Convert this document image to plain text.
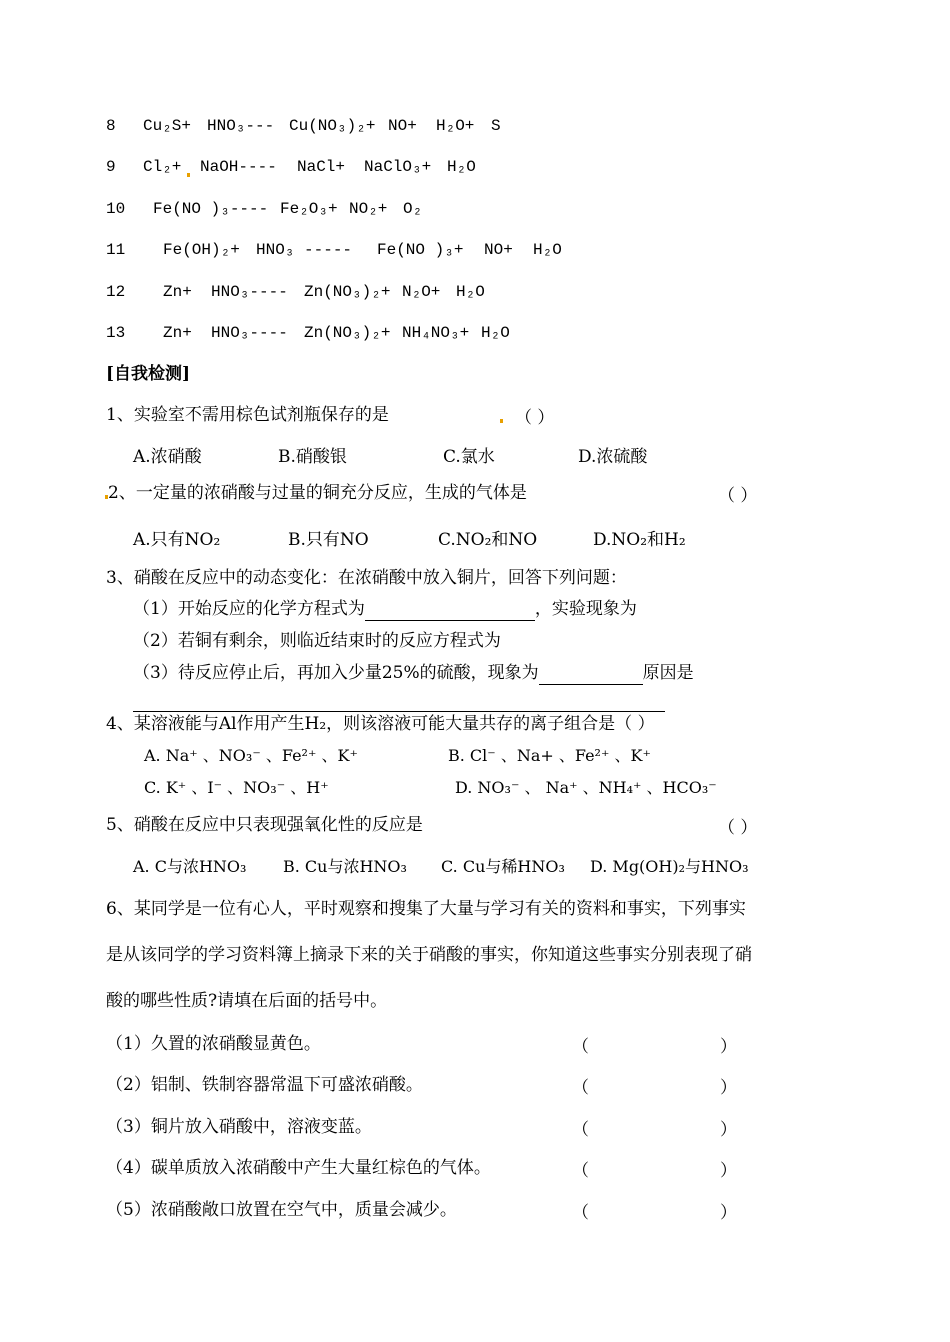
8 Cu₂S+ HNO₃--- Cu(NO₃)₂+ NO+ H₂O+ S
9 Cl₂+ NaOH---- NaCl+ NaClO₃+ H₂O
10 Fe(NO )₃---- Fe₂O₃+ NO₂+ O₂
11 Fe(OH)₂+ HNO₃ ----- Fe(NO )₃+ NO+ H₂O
12 Zn+ HNO₃---- Zn(NO₃)₂+ N₂O+ H₂O
13 Zn+ HNO₃---- Zn(NO₃)₂+ NH₄NO₃+ H₂O
[自我检测]
1、实验室不需用棕色试剂瓶保存的是	（ ）
A.浓硝酸	B.硝酸银	C.氯水	D.浓硫酸
2、一定量的浓硝酸与过量的铜充分反应，生成的气体是	（ ）
A.只有NO₂	B.只有NO	C.NO₂和NO	D.NO₂和H₂
3、硝酸在反应中的动态变化：在浓硝酸中放入铜片，回答下列问题：
（1）开始反应的化学方程式为	，实验现象为
（2）若铜有剩余，则临近结束时的反应方程式为
（3）待反应停止后，再加入少量25%的硫酸，现象为	原因是
4、某溶液能与Al作用产生H₂，则该溶液可能大量共存的离子组合是（ ）
A. Na⁺ 、NO₃⁻ 、Fe²⁺ 、K⁺	B. Cl⁻ 、Na+ 、Fe²⁺ 、K⁺
C. K⁺ 、I⁻ 、NO₃⁻ 、H⁺	D. NO₃⁻ 、 Na⁺ 、NH₄⁺ 、HCO₃⁻
5、硝酸在反应中只表现强氧化性的反应是	（ ）
A. C与浓HNO₃ B. Cu与浓HNO₃ C. Cu与稀HNO₃ D. Mg(OH)₂与HNO₃
6、某同学是一位有心人，平时观察和搜集了大量与学习有关的资料和事实，下列事实
是从该同学的学习资料簿上摘录下来的关于硝酸的事实，你知道这些事实分别表现了硝
酸的哪些性质?请填在后面的括号中。
（1）久置的浓硝酸显黄色。	（	）
（2）铝制、铁制容器常温下可盛浓硝酸。	（	）
（3）铜片放入硝酸中，溶液变蓝。	（	）
（4）碳单质放入浓硝酸中产生大量红棕色的气体。	（	）
（5）浓硝酸敞口放置在空气中，质量会减少。	（	）
